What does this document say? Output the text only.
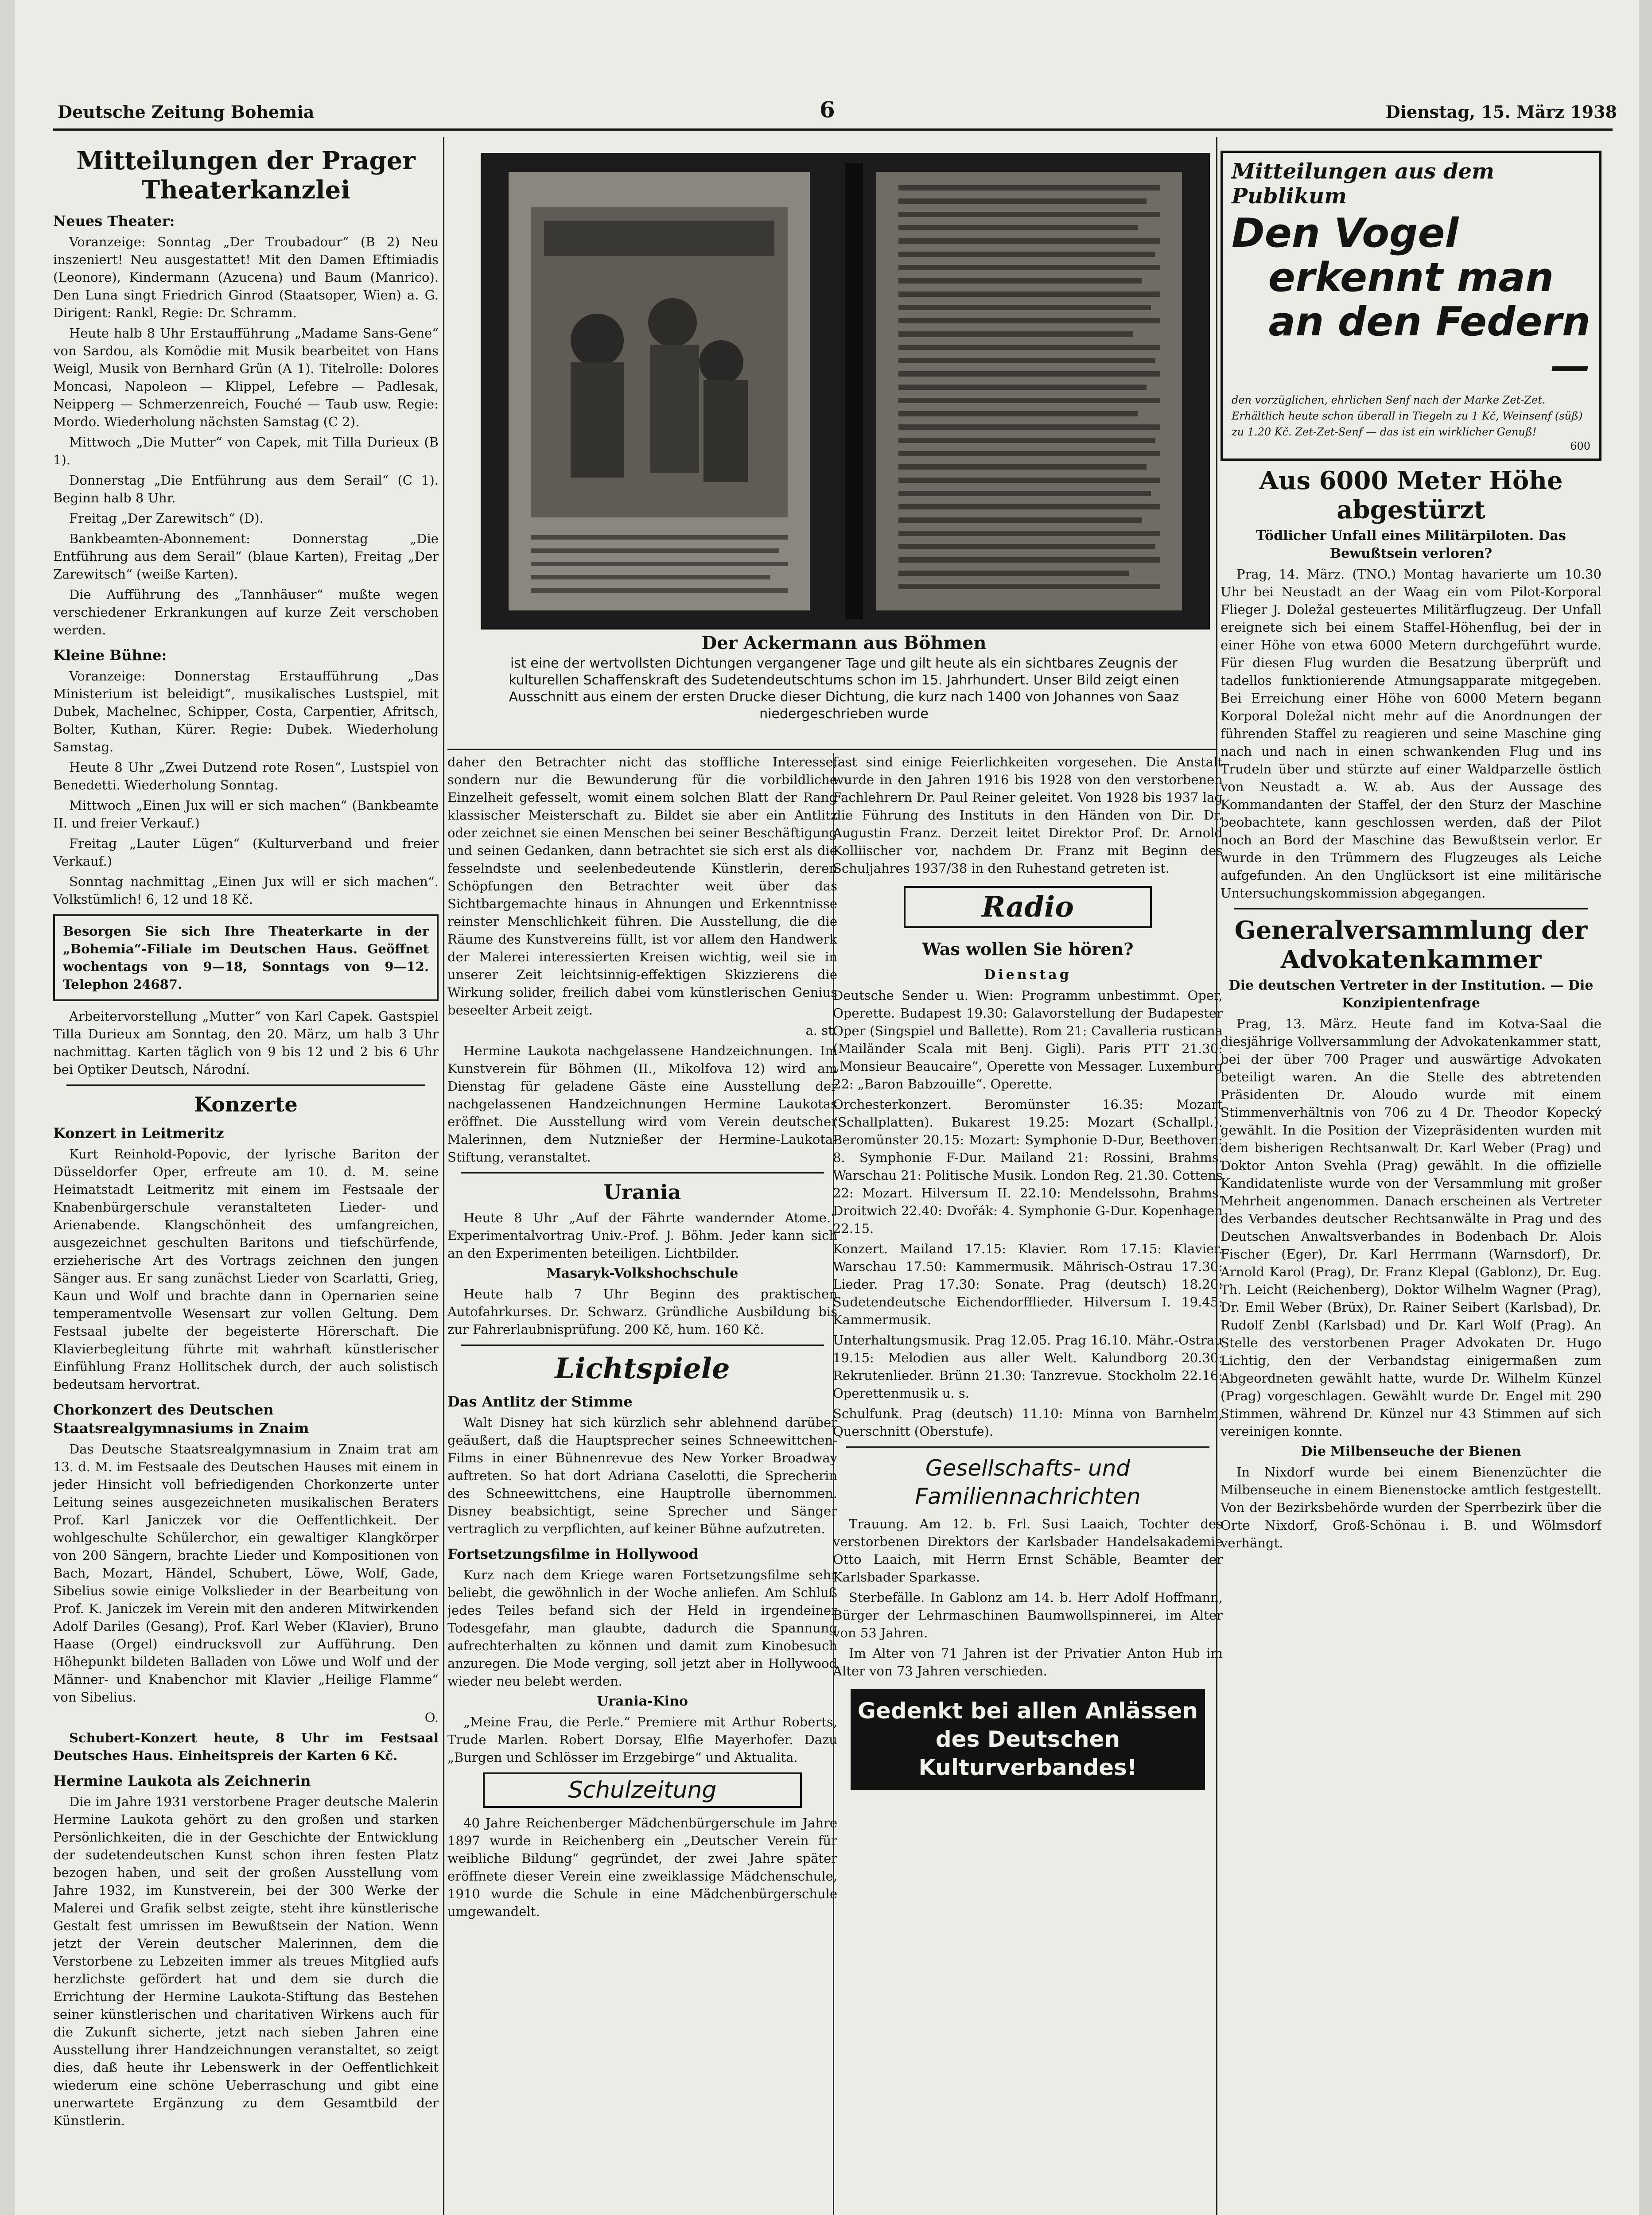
Deutsche Zeitung Bohemia	6	Dienstag, 15. März 1938
Mitteilungen der Prager Theaterkanzlei
Neues Theater:

Voranzeige: Sonntag „Der Troubadour“ (B 2) Neu inszeniert! Neu ausgestattet! Mit den Damen Eftimiadis (Leonore), Kindermann (Azucena) und Baum (Manrico). Den Luna singt Friedrich Ginrod (Staatsoper, Wien) a. G. Dirigent: Rankl, Regie: Dr. Schramm.

Heute halb 8 Uhr Erstaufführung „Madame Sans-Gene“ von Sardou, als Komödie mit Musik bearbeitet von Hans Weigl, Musik von Bernhard Grün (A 1). Titelrolle: Dolores Moncasi, Napoleon — Klippel, Lefebre — Padlesak, Neipperg — Schmerzenreich, Fouché — Taub usw. Regie: Mordo. Wiederholung nächsten Samstag (C 2).

Mittwoch „Die Mutter“ von Capek, mit Tilla Durieux (B 1).

Donnerstag „Die Entführung aus dem Serail“ (C 1). Beginn halb 8 Uhr.

Freitag „Der Zarewitsch“ (D).

Bankbeamten-Abonnement: Donnerstag „Die Entführung aus dem Serail“ (blaue Karten), Freitag „Der Zarewitsch“ (weiße Karten).

Die Aufführung des „Tannhäuser“ mußte wegen verschiedener Erkrankungen auf kurze Zeit verschoben werden.

Kleine Bühne:

Voranzeige: Donnerstag Erstaufführung „Das Ministerium ist beleidigt“, musikalisches Lustspiel, mit Dubek, Machelnec, Schipper, Costa, Carpentier, Afritsch, Bolter, Kuthan, Kürer. Regie: Dubek. Wiederholung Samstag.

Heute 8 Uhr „Zwei Dutzend rote Rosen“, Lustspiel von Benedetti. Wiederholung Sonntag.

Mittwoch „Einen Jux will er sich machen“ (Bankbeamte II. und freier Verkauf.)

Freitag „Lauter Lügen“ (Kulturverband und freier Verkauf.)

Sonntag nachmittag „Einen Jux will er sich machen“. Volkstümlich! 6, 12 und 18 Kč.

Besorgen Sie sich Ihre Theaterkarte in der „Bohemia“-Filiale im Deutschen Haus. Geöffnet wochentags von 9—18, Sonntags von 9—12. Telephon 24687.

Arbeitervorstellung „Mutter“ von Karl Capek. Gastspiel Tilla Durieux am Sonntag, den 20. März, um halb 3 Uhr nachmittag. Karten täglich von 9 bis 12 und 2 bis 6 Uhr bei Optiker Deutsch, Národní.

Konzerte
Konzert in Leitmeritz

Kurt Reinhold-Popovic, der lyrische Bariton der Düsseldorfer Oper, erfreute am 10. d. M. seine Heimatstadt Leitmeritz mit einem im Festsaale der Knabenbürgerschule veranstalteten Lieder- und Arienabende. Klangschönheit des umfangreichen, ausgezeichnet geschulten Baritons und tiefschürfende, erzieherische Art des Vortrags zeichnen den jungen Sänger aus. Er sang zunächst Lieder von Scarlatti, Grieg, Kaun und Wolf und brachte dann in Opernarien seine temperamentvolle Wesensart zur vollen Geltung. Dem Festsaal jubelte der begeisterte Hörerschaft. Die Klavierbegleitung führte mit wahrhaft künstlerischer Einfühlung Franz Hollitschek durch, der auch solistisch bedeutsam hervortrat.

Chorkonzert des Deutschen Staatsrealgymnasiums in Znaim

Das Deutsche Staatsrealgymnasium in Znaim trat am 13. d. M. im Festsaale des Deutschen Hauses mit einem in jeder Hinsicht voll befriedigenden Chorkonzerte unter Leitung seines ausgezeichneten musikalischen Beraters Prof. Karl Janiczek vor die Oeffentlichkeit. Der wohlgeschulte Schülerchor, ein gewaltiger Klangkörper von 200 Sängern, brachte Lieder und Kompositionen von Bach, Mozart, Händel, Schubert, Löwe, Wolf, Gade, Sibelius sowie einige Volkslieder in der Bearbeitung von Prof. K. Janiczek im Verein mit den anderen Mitwirkenden Adolf Dariles (Gesang), Prof. Karl Weber (Klavier), Bruno Haase (Orgel) eindrucksvoll zur Aufführung. Den Höhepunkt bildeten Balladen von Löwe und Wolf und der Männer- und Knabenchor mit Klavier „Heilige Flamme“ von Sibelius.

O.

Schubert-Konzert heute, 8 Uhr im Festsaal Deutsches Haus. Einheitspreis der Karten 6 Kč.

Hermine Laukota als Zeichnerin

Die im Jahre 1931 verstorbene Prager deutsche Malerin Hermine Laukota gehört zu den großen und starken Persönlichkeiten, die in der Geschichte der Entwicklung der sudetendeutschen Kunst schon ihren festen Platz bezogen haben, und seit der großen Ausstellung vom Jahre 1932, im Kunstverein, bei der 300 Werke der Malerei und Grafik selbst zeigte, steht ihre künstlerische Gestalt fest umrissen im Bewußtsein der Nation. Wenn jetzt der Verein deutscher Malerinnen, dem die Verstorbene zu Lebzeiten immer als treues Mitglied aufs herzlichste gefördert hat und dem sie durch die Errichtung der Hermine Laukota-Stiftung das Bestehen seiner künstlerischen und charitativen Wirkens auch für die Zukunft sicherte, jetzt nach sieben Jahren eine Ausstellung ihrer Handzeichnungen veranstaltet, so zeigt dies, daß heute ihr Lebenswerk in der Oeffentlichkeit wiederum eine schöne Ueberraschung und gibt eine unerwartete Ergänzung zu dem Gesamtbild der Künstlerin.

Der Ackermann aus Böhmen
ist eine der wertvollsten Dichtungen vergangener Tage und gilt heute als ein sichtbares Zeugnis der kulturellen Schaffenskraft des Sudetendeutschtums schon im 15. Jahrhundert. Unser Bild zeigt einen Ausschnitt aus einem der ersten Drucke dieser Dichtung, die kurz nach 1400 von Johannes von Saaz niedergeschrieben wurde

daher den Betrachter nicht das stoffliche Interesse, sondern nur die Bewunderung für die vorbildliche Einzelheit gefesselt, womit einem solchen Blatt der Rang klassischer Meisterschaft zu. Bildet sie aber ein Antlitz oder zeichnet sie einen Menschen bei seiner Beschäftigung und seinen Gedanken, dann betrachtet sie sich erst als die fesselndste und seelenbedeutende Künstlerin, deren Schöpfungen den Betrachter weit über das Sichtbargemachte hinaus in Ahnungen und Erkenntnisse reinster Menschlichkeit führen. Die Ausstellung, die die Räume des Kunstvereins füllt, ist vor allem den Handwerk der Malerei interessierten Kreisen wichtig, weil sie in unserer Zeit leichtsinnig-effektigen Skizzierens die Wirkung solider, freilich dabei vom künstlerischen Genius beseelter Arbeit zeigt.

a. st.

Hermine Laukota nachgelassene Handzeichnungen. Im Kunstverein für Böhmen (II., Mikolfova 12) wird am Dienstag für geladene Gäste eine Ausstellung der nachgelassenen Handzeichnungen Hermine Laukotas eröffnet. Die Ausstellung wird vom Verein deutscher Malerinnen, dem Nutznießer der Hermine-Laukota-Stiftung, veranstaltet.

Urania

Heute 8 Uhr „Auf der Fährte wandernder Atome.“ Experimentalvortrag Univ.-Prof. J. Böhm. Jeder kann sich an den Experimenten beteiligen. Lichtbilder.

Masaryk-Volkshochschule

Heute halb 7 Uhr Beginn des praktischen Autofahrkurses. Dr. Schwarz. Gründliche Ausbildung bis zur Fahrerlaubnisprüfung. 200 Kč, hum. 160 Kč.

Lichtspiele
Das Antlitz der Stimme

Walt Disney hat sich kürzlich sehr ablehnend darüber geäußert, daß die Hauptsprecher seines Schneewittchen-Films in einer Bühnenrevue des New Yorker Broadway auftreten. So hat dort Adriana Caselotti, die Sprecherin des Schneewittchens, eine Hauptrolle übernommen. Disney beabsichtigt, seine Sprecher und Sänger vertraglich zu verpflichten, auf keiner Bühne aufzutreten.

Fortsetzungsfilme in Hollywood

Kurz nach dem Kriege waren Fortsetzungsfilme sehr beliebt, die gewöhnlich in der Woche anliefen. Am Schluß jedes Teiles befand sich der Held in irgendeiner Todesgefahr, man glaubte, dadurch die Spannung aufrechterhalten zu können und damit zum Kinobesuch anzuregen. Die Mode verging, soll jetzt aber in Hollywood wieder neu belebt werden.

Urania-Kino

„Meine Frau, die Perle.“ Premiere mit Arthur Roberts, Trude Marlen. Robert Dorsay, Elfie Mayerhofer. Dazu „Burgen und Schlösser im Erzgebirge“ und Aktualita.

Schulzeitung

40 Jahre Reichenberger Mädchenbürgerschule im Jahre 1897 wurde in Reichenberg ein „Deutscher Verein für weibliche Bildung“ gegründet, der zwei Jahre später eröffnete dieser Verein eine zweiklassige Mädchenschule, 1910 wurde die Schule in eine Mädchenbürgerschule umgewandelt.

fast sind einige Feierlichkeiten vorgesehen. Die Anstalt wurde in den Jahren 1916 bis 1928 von den verstorbenen Fachlehrern Dr. Paul Reiner geleitet. Von 1928 bis 1937 lag die Führung des Instituts in den Händen von Dir. Dr. Augustin Franz. Derzeit leitet Direktor Prof. Dr. Arnold Kolliischer vor, nachdem Dr. Franz mit Beginn des Schuljahres 1937/38 in den Ruhestand getreten ist.

Radio
Was wollen Sie hören?
Dienstag

Deutsche Sender u. Wien: Programm unbestimmt. Oper, Operette. Budapest 19.30: Galavorstellung der Budapester Oper (Singspiel und Ballette). Rom 21: Cavalleria rusticana (Mailänder Scala mit Benj. Gigli). Paris PTT 21.30: „Monsieur Beaucaire“, Operette von Messager. Luxemburg 22: „Baron Babzouille“. Operette.

Orchesterkonzert. Beromünster 16.35: Mozart (Schallplatten). Bukarest 19.25: Mozart (Schallpl.). Beromünster 20.15: Mozart: Symphonie D-Dur, Beethoven: 8. Symphonie F-Dur. Mailand 21: Rossini, Brahms. Warschau 21: Politische Musik. London Reg. 21.30. Cottens 22: Mozart. Hilversum II. 22.10: Mendelssohn, Brahms. Droitwich 22.40: Dvořák: 4. Symphonie G-Dur. Kopenhagen 22.15.

Konzert. Mailand 17.15: Klavier. Rom 17.15: Klavier. Warschau 17.50: Kammermusik. Mährisch-Ostrau 17.30: Lieder. Prag 17.30: Sonate. Prag (deutsch) 18.20: Sudetendeutsche Eichendorfflieder. Hilversum I. 19.45: Kammermusik.

Unterhaltungsmusik. Prag 12.05. Prag 16.10. Mähr.-Ostrau 19.15: Melodien aus aller Welt. Kalundborg 20.30: Rekrutenlieder. Brünn 21.30: Tanzrevue. Stockholm 22.16: Operettenmusik u. s.

Schulfunk. Prag (deutsch) 11.10: Minna von Barnhelm, Querschnitt (Oberstufe).

Gesellschafts- und Familiennachrichten

Trauung. Am 12. b. Frl. Susi Laaich, Tochter des verstorbenen Direktors der Karlsbader Handelsakademie Otto Laaich, mit Herrn Ernst Schäble, Beamter der Karlsbader Sparkasse.

Sterbefälle. In Gablonz am 14. b. Herr Adolf Hoffmann, Bürger der Lehrmaschinen Baumwollspinnerei, im Alter von 53 Jahren.

Im Alter von 71 Jahren ist der Privatier Anton Hub im Alter von 73 Jahren verschieden.

Gedenkt bei allen Anlässen des Deutschen Kulturverbandes!
Mitteilungen aus dem Publikum

Den Vogel

erkennt man

an den Federn —

den vorzüglichen, ehrlichen Senf nach der Marke Zet-Zet. Erhältlich heute schon überall in Tiegeln zu 1 Kč, Weinsenf (süß) zu 1.20 Kč. Zet-Zet-Senf — das ist ein wirklicher Genuß!

600
Aus 6000 Meter Höhe abgestürzt
Tödlicher Unfall eines Militärpiloten. Das Bewußtsein verloren?

Prag, 14. März. (TNO.) Montag havarierte um 10.30 Uhr bei Neustadt an der Waag ein vom Pilot-Korporal Flieger J. Doležal gesteuertes Militärflugzeug. Der Unfall ereignete sich bei einem Staffel-Höhenflug, bei der in einer Höhe von etwa 6000 Metern durchgeführt wurde. Für diesen Flug wurden die Besatzung überprüft und tadellos funktionierende Atmungsapparate mitgegeben. Bei Erreichung einer Höhe von 6000 Metern begann Korporal Doležal nicht mehr auf die Anordnungen der führenden Staffel zu reagieren und seine Maschine ging nach und nach in einen schwankenden Flug und ins Trudeln über und stürzte auf einer Waldparzelle östlich von Neustadt a. W. ab. Aus der Aussage des Kommandanten der Staffel, der den Sturz der Maschine beobachtete, kann geschlossen werden, daß der Pilot noch an Bord der Maschine das Bewußtsein verlor. Er wurde in den Trümmern des Flugzeuges als Leiche aufgefunden. An den Unglücksort ist eine militärische Untersuchungskommission abgegangen.

Generalversammlung der Advokatenkammer
Die deutschen Vertreter in der Institution. — Die Konzipientenfrage

Prag, 13. März. Heute fand im Kotva-Saal die diesjährige Vollversammlung der Advokatenkammer statt, bei der über 700 Prager und auswärtige Advokaten beteiligt waren. An die Stelle des abtretenden Präsidenten Dr. Aloudo wurde mit einem Stimmenverhältnis von 706 zu 4 Dr. Theodor Kopecký gewählt. In die Position der Vizepräsidenten wurden mit dem bisherigen Rechtsanwalt Dr. Karl Weber (Prag) und Doktor Anton Svehla (Prag) gewählt. In die offizielle Kandidatenliste wurde von der Versammlung mit großer Mehrheit angenommen. Danach erscheinen als Vertreter des Verbandes deutscher Rechtsanwälte in Prag und des Deutschen Anwaltsverbandes in Bodenbach Dr. Alois Fischer (Eger), Dr. Karl Herrmann (Warnsdorf), Dr. Arnold Karol (Prag), Dr. Franz Klepal (Gablonz), Dr. Eug. Th. Leicht (Reichenberg), Doktor Wilhelm Wagner (Prag), Dr. Emil Weber (Brüx), Dr. Rainer Seibert (Karlsbad), Dr. Rudolf Zenbl (Karlsbad) und Dr. Karl Wolf (Prag). An Stelle des verstorbenen Prager Advokaten Dr. Hugo Lichtig, den der Verbandstag einigermaßen zum Abgeordneten gewählt hatte, wurde Dr. Wilhelm Künzel (Prag) vorgeschlagen. Gewählt wurde Dr. Engel mit 290 Stimmen, während Dr. Künzel nur 43 Stimmen auf sich vereinigen konnte.

Die Milbenseuche der Bienen

In Nixdorf wurde bei einem Bienenzüchter die Milbenseuche in einem Bienenstocke amtlich festgestellt. Von der Bezirksbehörde wurden der Sperrbezirk über die Orte Nixdorf, Groß-Schönau i. B. und Wölmsdorf verhängt.
